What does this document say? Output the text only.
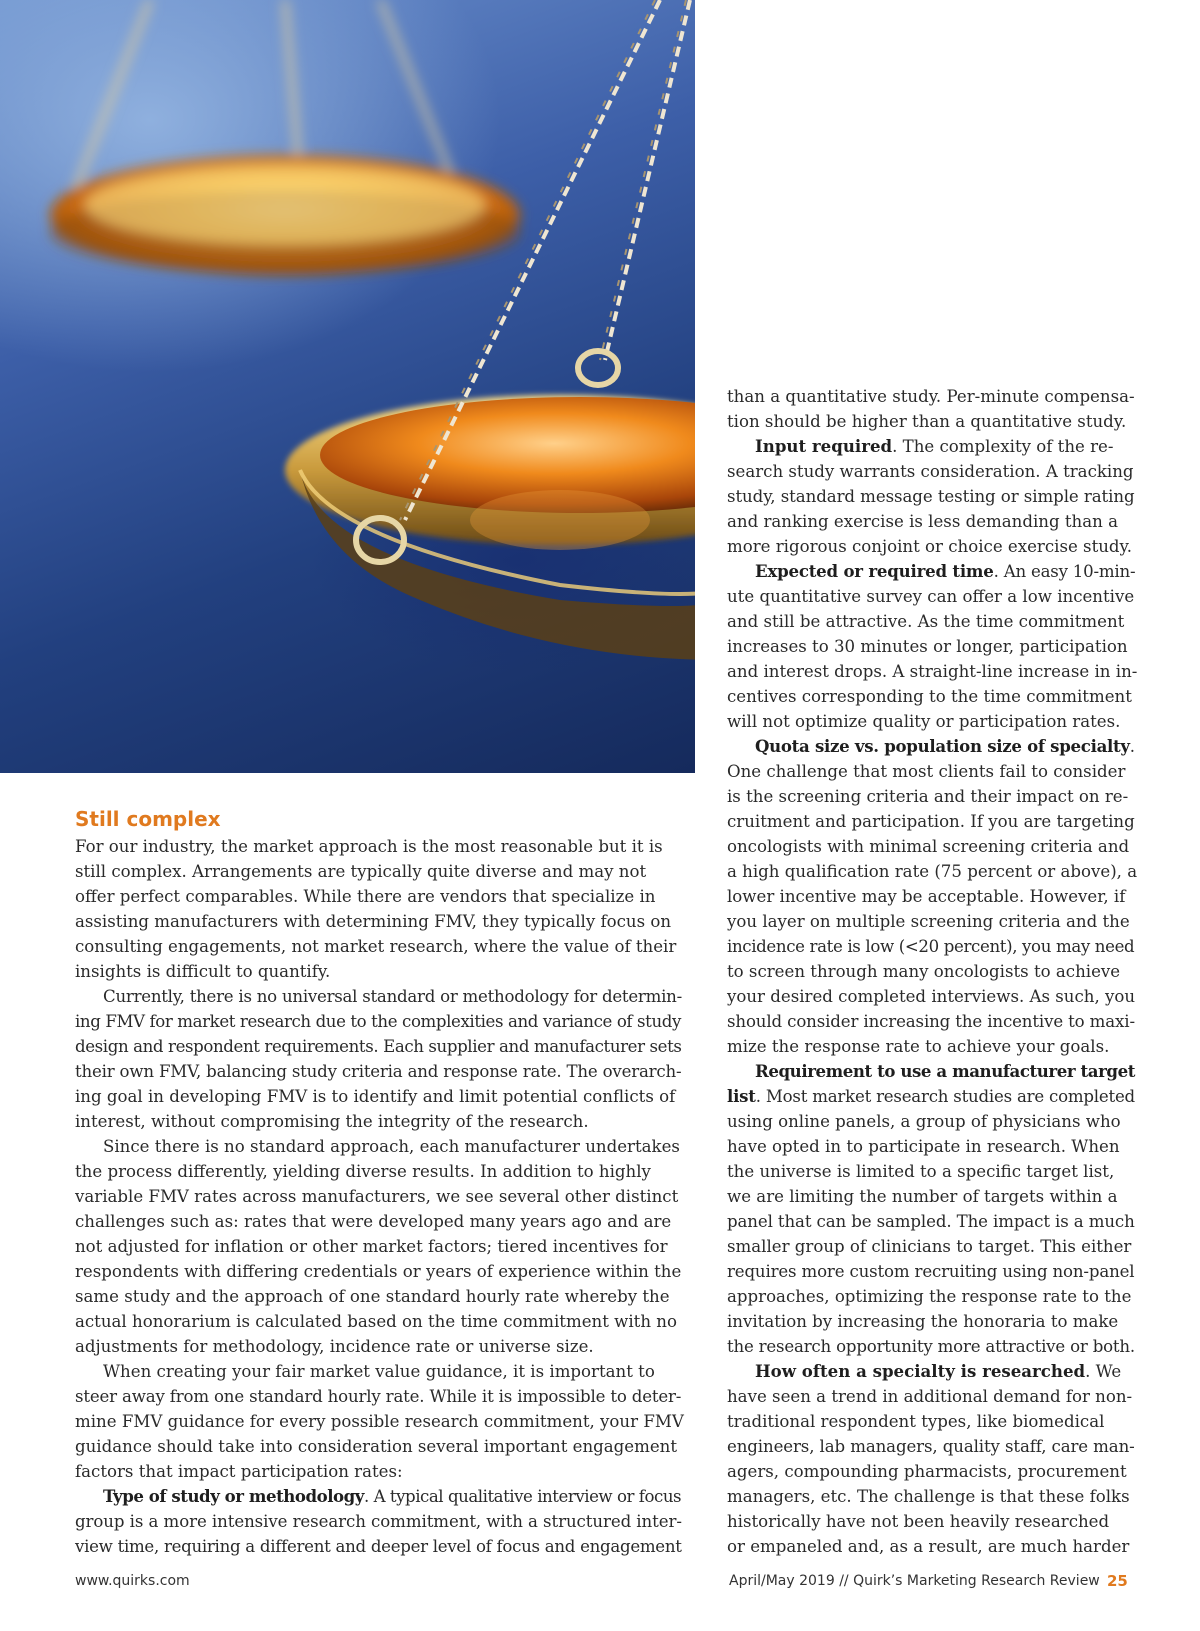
Still complex

For our industry, the market approach is the most reasonable but it is

still complex. Arrangements are typically quite diverse and may not

offer perfect comparables. While there are vendors that specialize in

assisting manufacturers with determining FMV, they typically focus on

consulting engagements, not market research, where the value of their

insights is difficult to quantify.

Currently, there is no universal standard or methodology for determin-

ing FMV for market research due to the complexities and variance of study

design and respondent requirements. Each supplier and manufacturer sets

their own FMV, balancing study criteria and response rate. The overarch-

ing goal in developing FMV is to identify and limit potential conflicts of

interest, without compromising the integrity of the research.

Since there is no standard approach, each manufacturer undertakes

the process differently, yielding diverse results. In addition to highly

variable FMV rates across manufacturers, we see several other distinct

challenges such as: rates that were developed many years ago and are

not adjusted for inflation or other market factors; tiered incentives for

respondents with differing credentials or years of experience within the

same study and the approach of one standard hourly rate whereby the

actual honorarium is calculated based on the time commitment with no

adjustments for methodology, incidence rate or universe size.

When creating your fair market value guidance, it is important to

steer away from one standard hourly rate. While it is impossible to deter-

mine FMV guidance for every possible research commitment, your FMV

guidance should take into consideration several important engagement

factors that impact participation rates:

Type of study or methodology. A typical qualitative interview or focus

group is a more intensive research commitment, with a structured inter-

view time, requiring a different and deeper level of focus and engagement

than a quantitative study. Per-minute compensa-

tion should be higher than a quantitative study.

Input required. The complexity of the re-

search study warrants consideration. A tracking

study, standard message testing or simple rating

and ranking exercise is less demanding than a

more rigorous conjoint or choice exercise study.

Expected or required time. An easy 10-min-

ute quantitative survey can offer a low incentive

and still be attractive. As the time commitment

increases to 30 minutes or longer, participation

and interest drops. A straight-line increase in in-

centives corresponding to the time commitment

will not optimize quality or participation rates.

Quota size vs. population size of specialty.

One challenge that most clients fail to consider

is the screening criteria and their impact on re-

cruitment and participation. If you are targeting

oncologists with minimal screening criteria and

a high qualification rate (75 percent or above), a

lower incentive may be acceptable. However, if

you layer on multiple screening criteria and the

incidence rate is low (<20 percent), you may need

to screen through many oncologists to achieve

your desired completed interviews. As such, you

should consider increasing the incentive to maxi-

mize the response rate to achieve your goals.

Requirement to use a manufacturer target

list. Most market research studies are completed

using online panels, a group of physicians who

have opted in to participate in research. When

the universe is limited to a specific target list,

we are limiting the number of targets within a

panel that can be sampled. The impact is a much

smaller group of clinicians to target. This either

requires more custom recruiting using non-panel

approaches, optimizing the response rate to the

invitation by increasing the honoraria to make

the research opportunity more attractive or both.

How often a specialty is researched. We

have seen a trend in additional demand for non-

traditional respondent types, like biomedical

engineers, lab managers, quality staff, care man-

agers, compounding pharmacists, procurement

managers, etc. The challenge is that these folks

historically have not been heavily researched

or empaneled and, as a result, are much harder

www.quirks.com	April/May 2019 // Quirk’s Marketing Research Review 25
